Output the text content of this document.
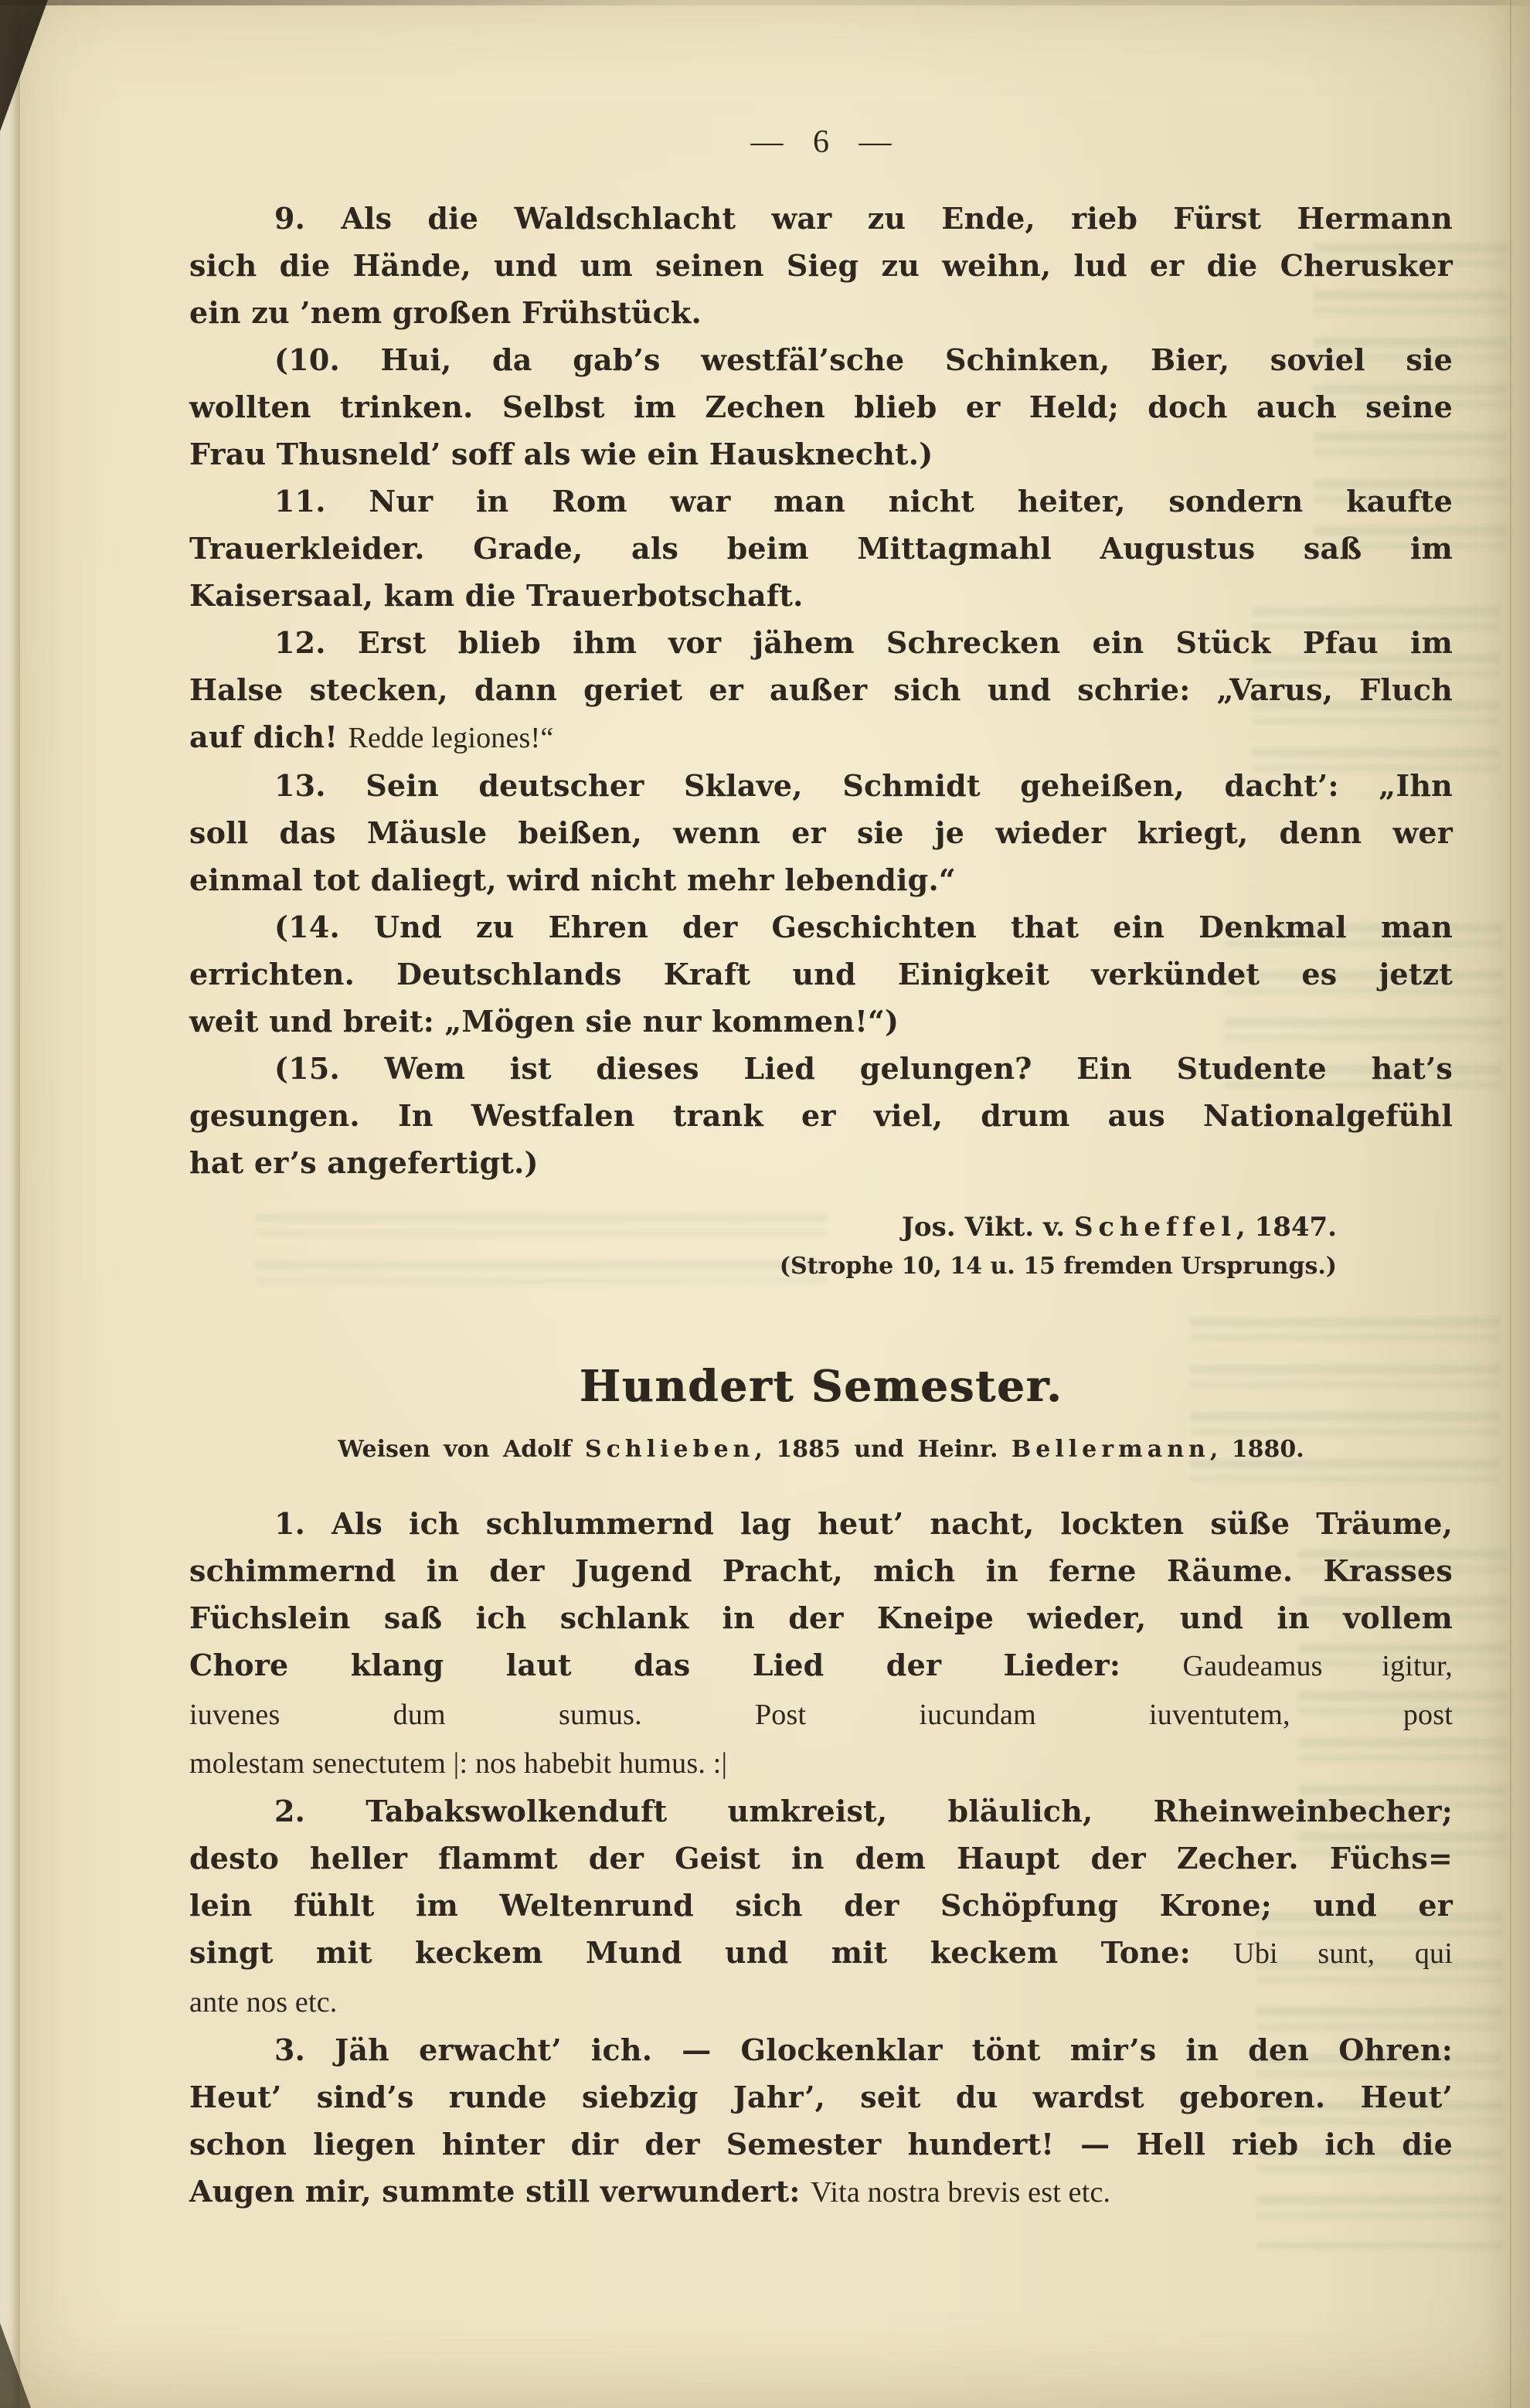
— 6 —
9. Als die Waldschlacht war zu Ende, rieb Fürst Hermann
sich die Hände, und um seinen Sieg zu weihn, lud er die Cherusker
ein zu ’nem großen Frühstück.
(10. Hui, da gab’s westfäl’sche Schinken, Bier, soviel sie
wollten trinken. Selbst im Zechen blieb er Held; doch auch seine
Frau Thusneld’ soff als wie ein Hausknecht.)
11. Nur in Rom war man nicht heiter, sondern kaufte
Trauerkleider. Grade, als beim Mittagmahl Augustus saß im
Kaisersaal, kam die Trauerbotschaft.
12. Erst blieb ihm vor jähem Schrecken ein Stück Pfau im
Halse stecken, dann geriet er außer sich und schrie: „Varus, Fluch
auf dich! Redde legiones!“
13. Sein deutscher Sklave, Schmidt geheißen, dacht’: „Ihn
soll das Mäusle beißen, wenn er sie je wieder kriegt, denn wer
einmal tot daliegt, wird nicht mehr lebendig.“
(14. Und zu Ehren der Geschichten that ein Denkmal man
errichten. Deutschlands Kraft und Einigkeit verkündet es jetzt
weit und breit: „Mögen sie nur kommen!“)
(15. Wem ist dieses Lied gelungen? Ein Studente hat’s
gesungen. In Westfalen trank er viel, drum aus Nationalgefühl
hat er’s angefertigt.)
Jos. Vikt. v. Scheffel, 1847.
(Strophe 10, 14 u. 15 fremden Ursprungs.)
Hundert Semester.
Weisen von Adolf Schlieben, 1885 und Heinr. Bellermann, 1880.
1. Als ich schlummernd lag heut’ nacht, lockten süße Träume,
schimmernd in der Jugend Pracht, mich in ferne Räume. Krasses
Füchslein saß ich schlank in der Kneipe wieder, und in vollem
Chore klang laut das Lied der Lieder: Gaudeamus igitur,
iuvenes dum sumus. Post iucundam iuventutem, post
molestam senectutem |: nos habebit humus. :|
2. Tabakswolkenduft umkreist, bläulich, Rheinweinbecher;
desto heller flammt der Geist in dem Haupt der Zecher. Füchs=
lein fühlt im Weltenrund sich der Schöpfung Krone; und er
singt mit keckem Mund und mit keckem Tone: Ubi sunt, qui
ante nos etc.
3. Jäh erwacht’ ich. — Glockenklar tönt mir’s in den Ohren:
Heut’ sind’s runde siebzig Jahr’, seit du wardst geboren. Heut’
schon liegen hinter dir der Semester hundert! — Hell rieb ich die
Augen mir, summte still verwundert: Vita nostra brevis est etc.
